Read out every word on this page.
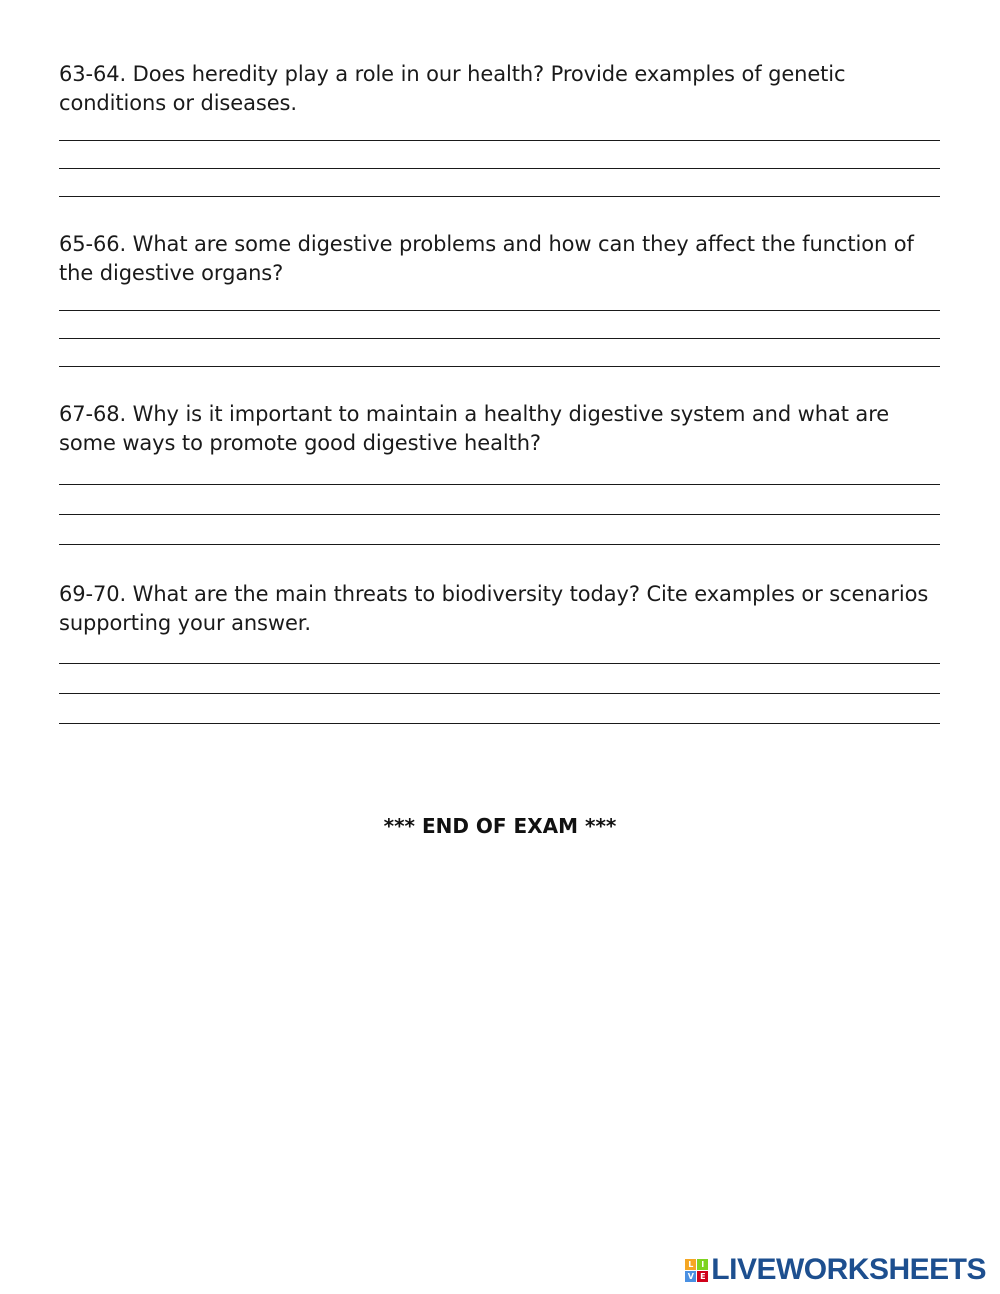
63-64. Does heredity play a role in our health? Provide examples of genetic conditions or diseases.

65-66. What are some digestive problems and how can they affect the function of the digestive organs?

67-68. Why is it important to maintain a healthy digestive system and what are some ways to promote good digestive health?

69-70. What are the main threats to biodiversity today? Cite examples or scenarios supporting your answer.

*** END OF EXAM ***
L I
V E LIVEWORKSHEETS
